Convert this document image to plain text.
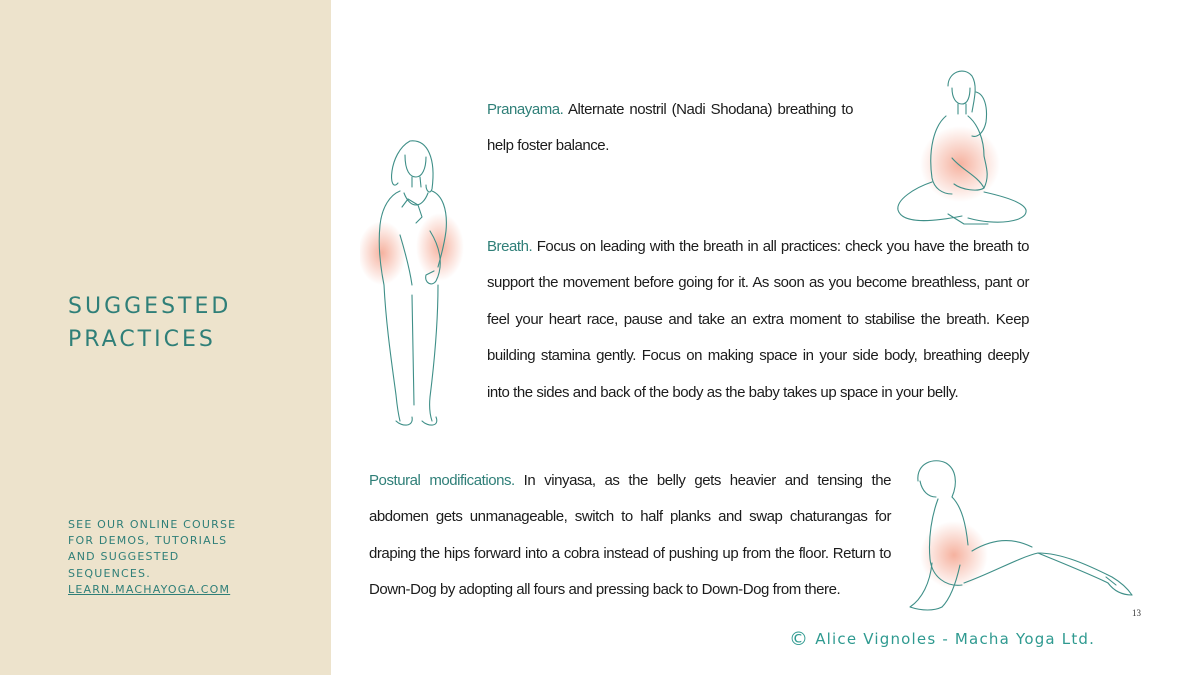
SUGGESTED
PRACTICES
SEE OUR ONLINE COURSE
FOR DEMOS, TUTORIALS
AND SUGGESTED
SEQUENCES.
LEARN.MACHAYOGA.COM

Pranayama. Alternate nostril (Nadi Shodana) breathing to help foster balance.

Breath. Focus on leading with the breath in all practices: check you have the breath to support the movement before going for it. As soon as you become breathless, pant or feel your heart race, pause and take an extra moment to stabilise the breath. Keep building stamina gently. Focus on making space in your side body, breathing deeply into the sides and back of the body as the baby takes up space in your belly.

Postural modifications. In vinyasa, as the belly gets heavier and tensing the abdomen gets unmanageable, switch to half planks and swap chaturangas for draping the hips forward into a cobra instead of pushing up from the floor. Return to Down-Dog by adopting all fours and pressing back to Down-Dog from there.

13
© Alice Vignoles - Macha Yoga Ltd.
